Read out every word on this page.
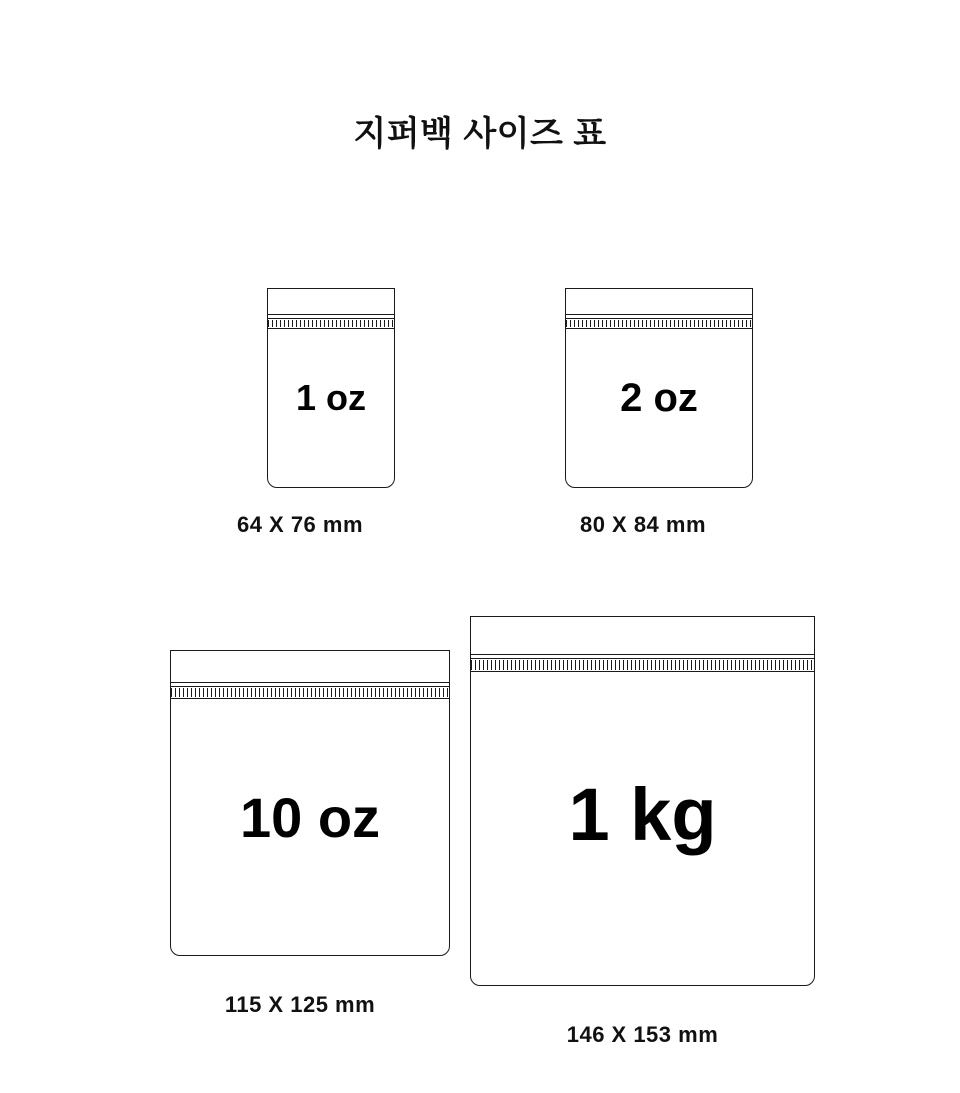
지퍼백 사이즈 표
1 oz
64 X 76 mm
2 oz
80 X 84 mm
10 oz
115 X 125 mm
1 kg
146 X 153 mm
